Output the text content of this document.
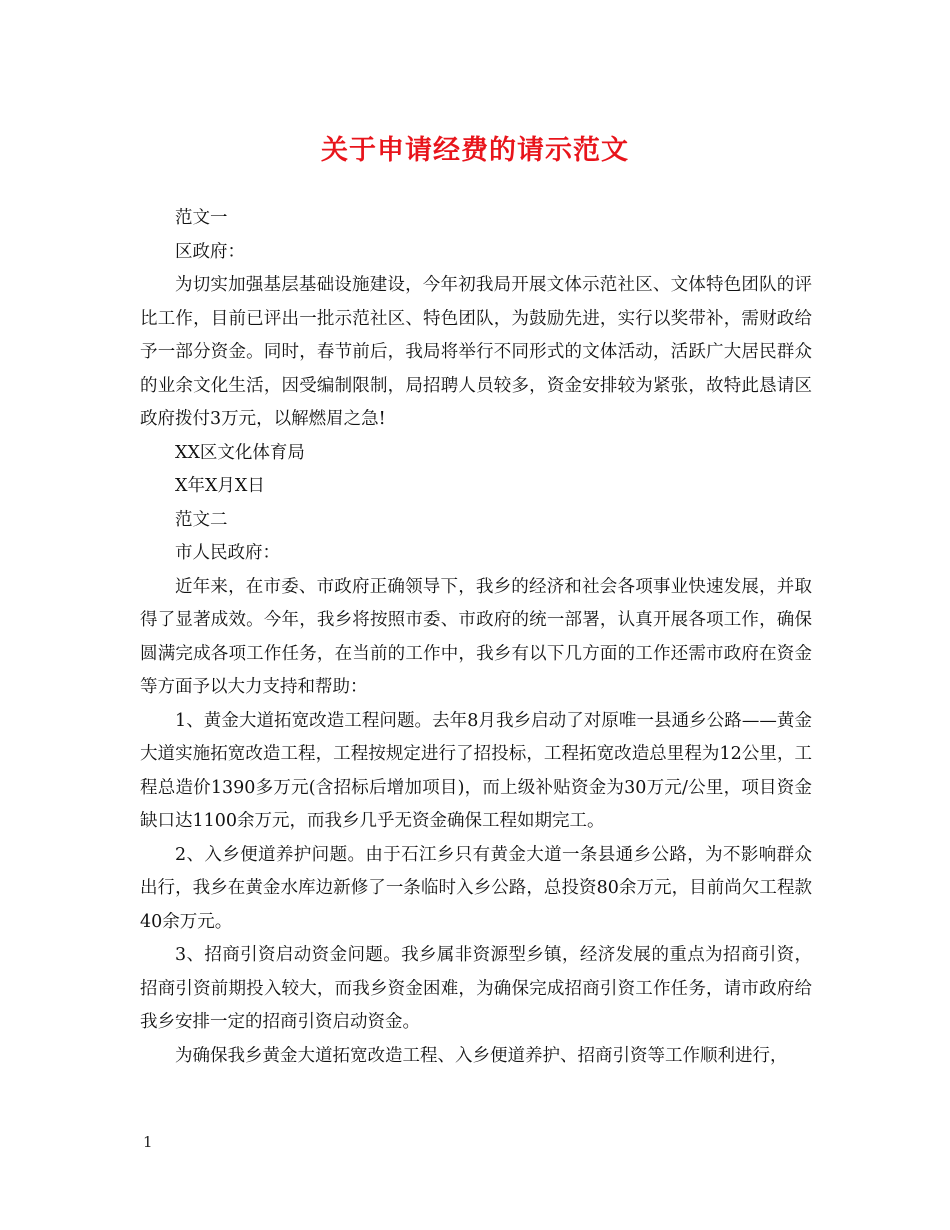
关于申请经费的请示范文

范文一

区政府：

为切实加强基层基础设施建设，今年初我局开展文体示范社区、文体特色团队的评比工作，目前已评出一批示范社区、特色团队，为鼓励先进，实行以奖带补，需财政给予一部分资金。同时，春节前后，我局将举行不同形式的文体活动，活跃广大居民群众的业余文化生活，因受编制限制，局招聘人员较多，资金安排较为紧张，故特此恳请区政府拨付3万元，以解燃眉之急!

XX区文化体育局

X年X月X日

范文二

市人民政府：

近年来，在市委、市政府正确领导下，我乡的经济和社会各项事业快速发展，并取得了显著成效。今年，我乡将按照市委、市政府的统一部署，认真开展各项工作，确保圆满完成各项工作任务，在当前的工作中，我乡有以下几方面的工作还需市政府在资金等方面予以大力支持和帮助：

1、黄金大道拓宽改造工程问题。去年8月我乡启动了对原唯一县通乡公路——黄金大道实施拓宽改造工程，工程按规定进行了招投标，工程拓宽改造总里程为12公里，工程总造价1390多万元(含招标后增加项目)，而上级补贴资金为30万元/公里，项目资金缺口达1100余万元，而我乡几乎无资金确保工程如期完工。

2、入乡便道养护问题。由于石江乡只有黄金大道一条县通乡公路，为不影响群众出行，我乡在黄金水库边新修了一条临时入乡公路，总投资80余万元，目前尚欠工程款40余万元。

3、招商引资启动资金问题。我乡属非资源型乡镇，经济发展的重点为招商引资，招商引资前期投入较大，而我乡资金困难，为确保完成招商引资工作任务，请市政府给我乡安排一定的招商引资启动资金。

为确保我乡黄金大道拓宽改造工程、入乡便道养护、招商引资等工作顺利进行，

1
